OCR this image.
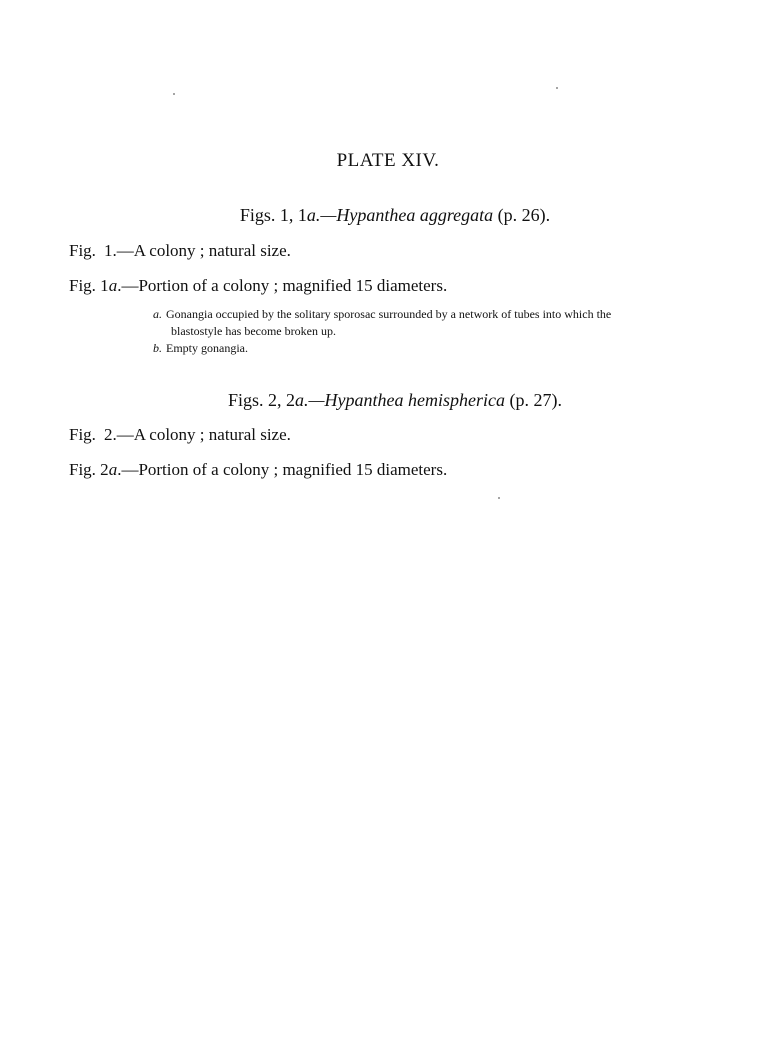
PLATE XIV.
Figs. 1, 1a.—Hypanthea aggregata (p. 26).
Fig. 1.—A colony ; natural size.
Fig. 1a.—Portion of a colony ; magnified 15 diameters.
a. Gonangia occupied by the solitary sporosac surrounded by a network of tubes into which the
blastostyle has become broken up.
b. Empty gonangia.
Figs. 2, 2a.—Hypanthea hemispherica (p. 27).
Fig. 2.—A colony ; natural size.
Fig. 2a.—Portion of a colony ; magnified 15 diameters.
